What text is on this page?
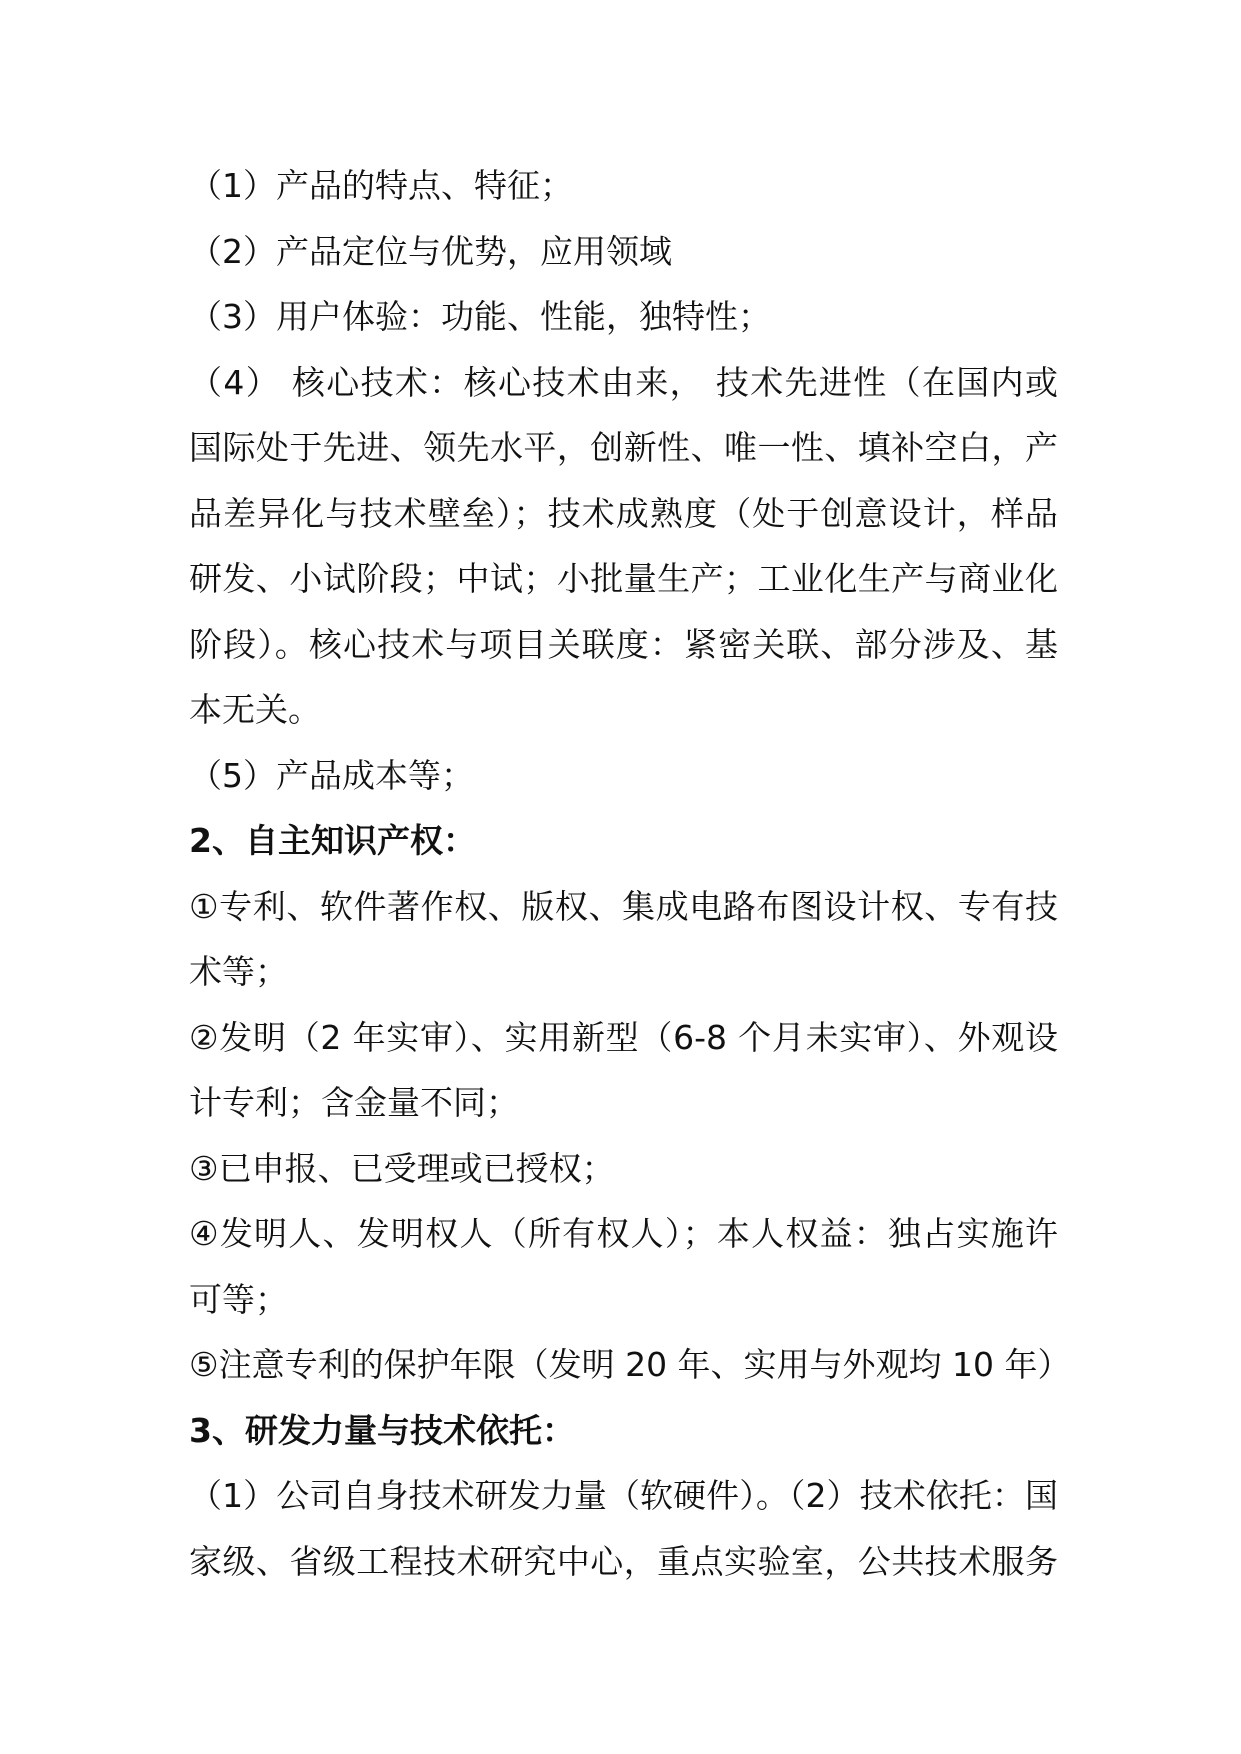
（1）产品的特点、特征；
（2）产品定位与优势，应用领域
（3）用户体验：功能、性能，独特性；
（4） 核心技术：核心技术由来， 技术先进性（在国内或
国际处于先进、领先水平，创新性、唯一性、填补空白，产
品差异化与技术壁垒）；技术成熟度（处于创意设计，样品
研发、小试阶段；中试；小批量生产；工业化生产与商业化
阶段）。核心技术与项目关联度：紧密关联、部分涉及、基
本无关。
（5）产品成本等；
2、自主知识产权：
①专利、软件著作权、版权、集成电路布图设计权、专有技
术等；
②发明（2 年实审）、实用新型（6-8 个月未实审）、外观设
计专利；含金量不同；
③已申报、已受理或已授权；
④发明人、发明权人（所有权人）；本人权益：独占实施许
可等；
⑤注意专利的保护年限（发明 20 年、实用与外观均 10 年）
3、研发力量与技术依托：
（1）公司自身技术研发力量（软硬件）。（2）技术依托：国
家级、省级工程技术研究中心，重点实验室，公共技术服务
